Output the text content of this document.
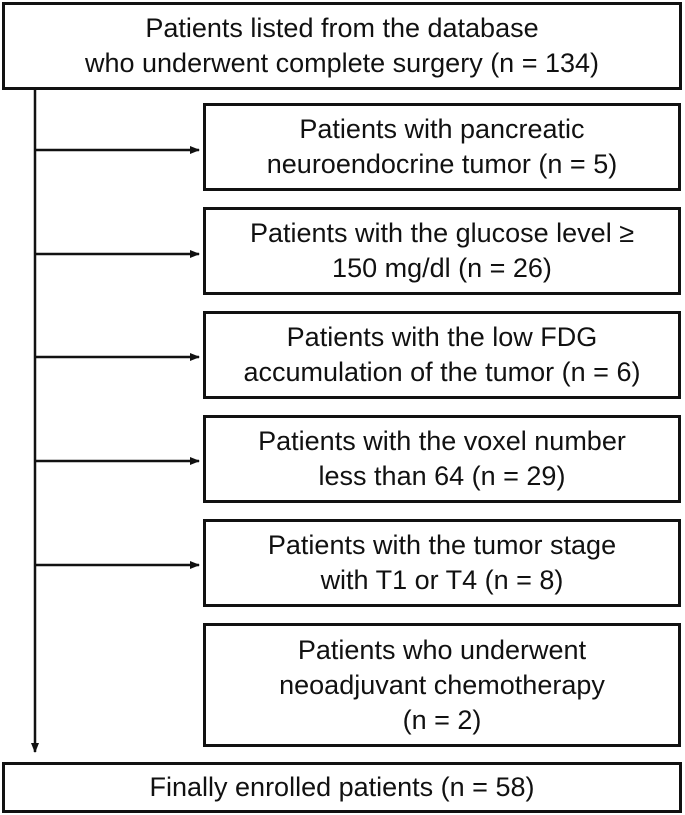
Patients listed from the database
who underwent complete surgery (n = 134)
Patients with pancreatic
neuroendocrine tumor (n = 5)
Patients with the glucose level ≥
150 mg/dl (n = 26)
Patients with the low FDG
accumulation of the tumor (n = 6)
Patients with the voxel number
less than 64 (n = 29)
Patients with the tumor stage
with T1 or T4 (n = 8)
Patients who underwent
neoadjuvant chemotherapy
(n = 2)
Finally enrolled patients (n = 58)
